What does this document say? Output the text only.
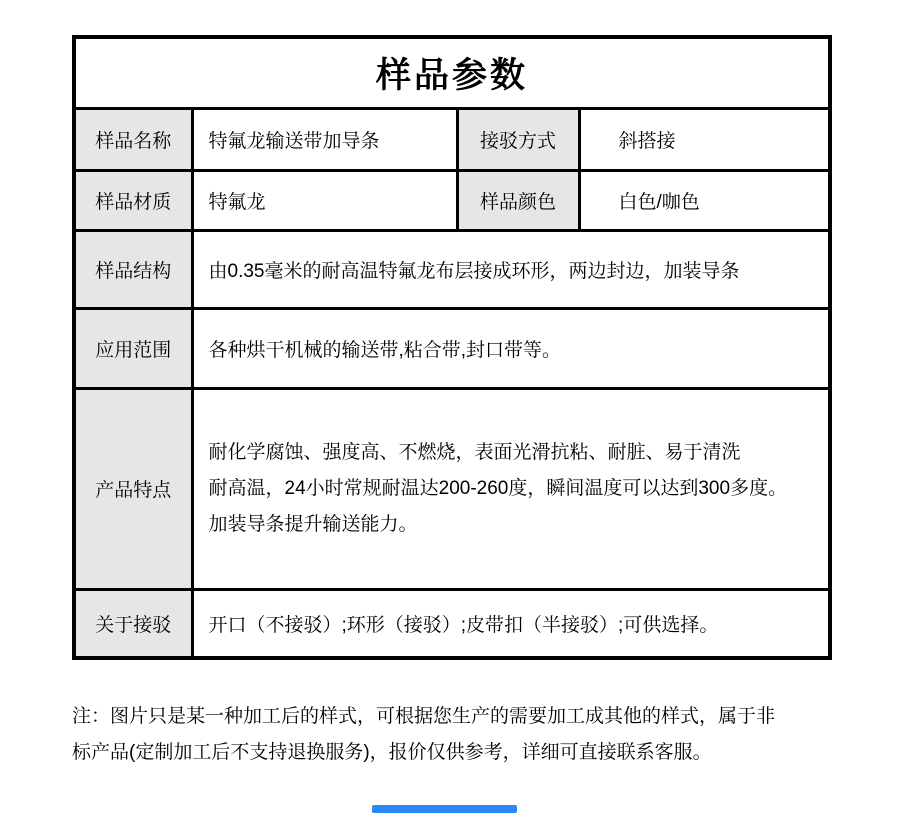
样品参数			
样品名称	特氟龙输送带加导条	接驳方式	斜搭接
样品材质	特氟龙	样品颜色	白色/咖色
样品结构	由0.35毫米的耐高温特氟龙布层接成环形，两边封边，加装导条		
应用范围	各种烘干机械的输送带,粘合带,封口带等。		
产品特点	耐化学腐蚀、强度高、不燃烧，表面光滑抗粘、耐脏、易于清洗
耐高温，24小时常规耐温达200-260度，瞬间温度可以达到300多度。
加装导条提升输送能力。		

关于接驳	开口（不接驳）;环形（接驳）;皮带扣（半接驳）;可供选择。		
注：图片只是某一种加工后的样式，可根据您生产的需要加工成其他的样式，属于非
标产品(定制加工后不支持退换服务)，报价仅供参考，详细可直接联系客服。
